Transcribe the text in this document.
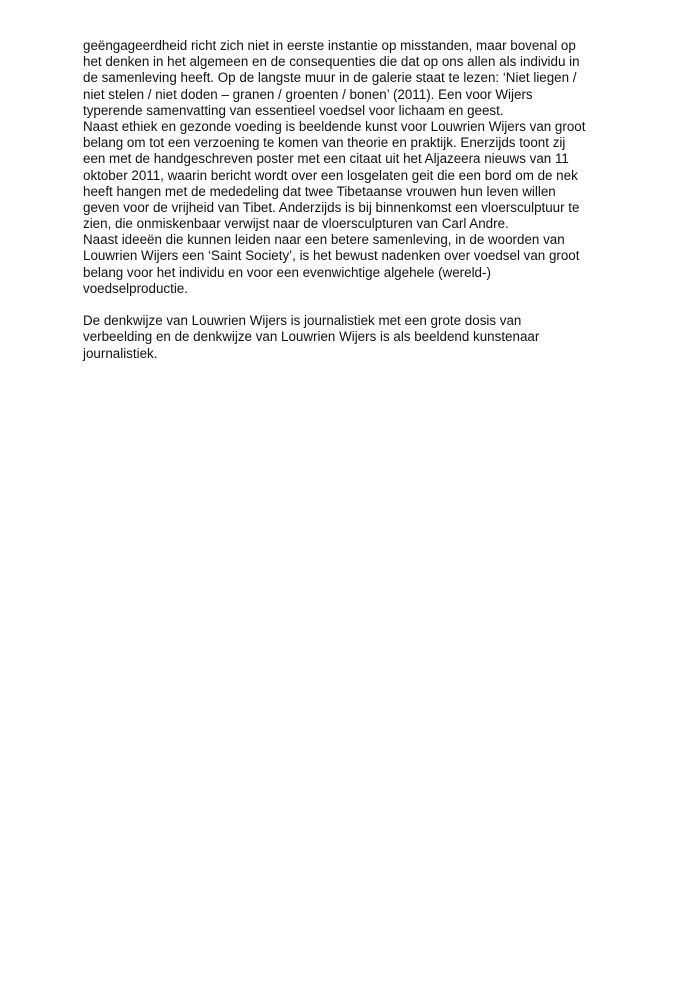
geëngageerdheid richt zich niet in eerste instantie op misstanden, maar bovenal op
het denken in het algemeen en de consequenties die dat op ons allen als individu in
de samenleving heeft. Op de langste muur in de galerie staat te lezen: ‘Niet liegen /
niet stelen / niet doden – granen / groenten / bonen’ (2011). Een voor Wijers
typerende samenvatting van essentieel voedsel voor lichaam en geest.
Naast ethiek en gezonde voeding is beeldende kunst voor Louwrien Wijers van groot
belang om tot een verzoening te komen van theorie en praktijk. Enerzijds toont zij
een met de handgeschreven poster met een citaat uit het Aljazeera nieuws van 11
oktober 2011, waarin bericht wordt over een losgelaten geit die een bord om de nek
heeft hangen met de mededeling dat twee Tibetaanse vrouwen hun leven willen
geven voor de vrijheid van Tibet. Anderzijds is bij binnenkomst een vloersculptuur te
zien, die onmiskenbaar verwijst naar de vloersculpturen van Carl Andre.
Naast ideeën die kunnen leiden naar een betere samenleving, in de woorden van
Louwrien Wijers een ‘Saint Society’, is het bewust nadenken over voedsel van groot
belang voor het individu en voor een evenwichtige algehele (wereld-)
voedselproductie.
De denkwijze van Louwrien Wijers is journalistiek met een grote dosis van
verbeelding en de denkwijze van Louwrien Wijers is als beeldend kunstenaar
journalistiek.
